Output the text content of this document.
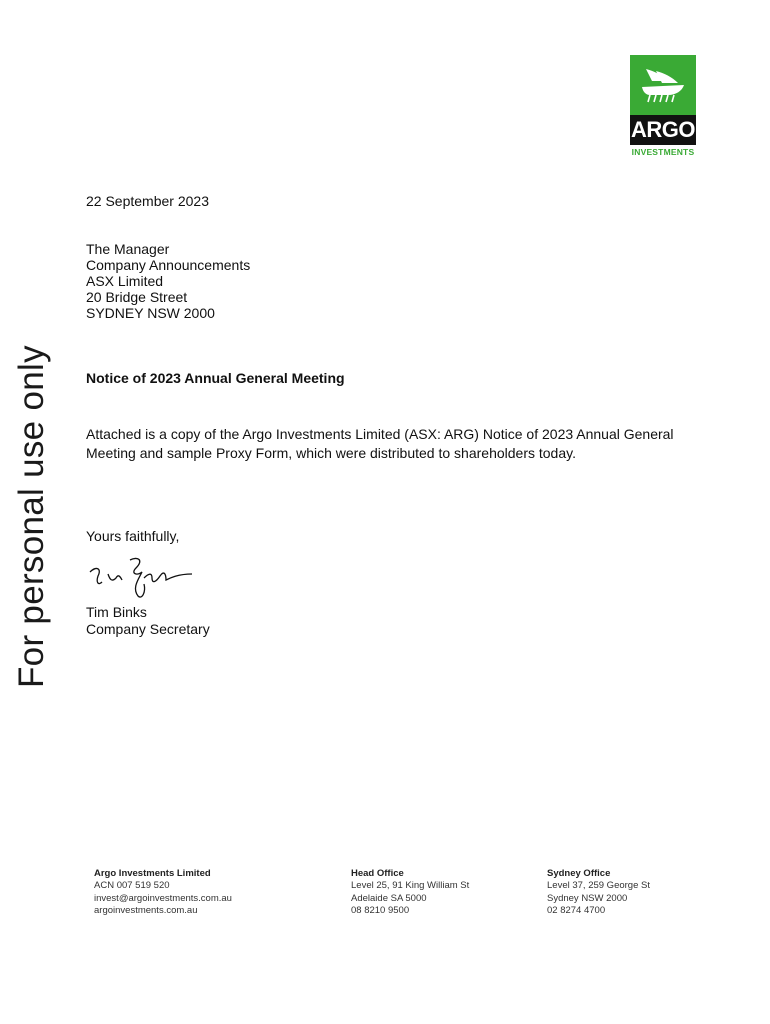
For personal use only
ARGO
INVESTMENTS
22 September 2023
The Manager
Company Announcements
ASX Limited
20 Bridge Street
SYDNEY NSW 2000
Notice of 2023 Annual General Meeting
Attached is a copy of the Argo Investments Limited (ASX: ARG) Notice of 2023 Annual General Meeting and sample Proxy Form, which were distributed to shareholders today.
Yours faithfully,
Tim Binks
Company Secretary
Argo Investments Limited
ACN 007 519 520
invest@argoinvestments.com.au
argoinvestments.com.au
Head Office
Level 25, 91 King William St
Adelaide SA 5000
08 8210 9500
Sydney Office
Level 37, 259 George St
Sydney NSW 2000
02 8274 4700
